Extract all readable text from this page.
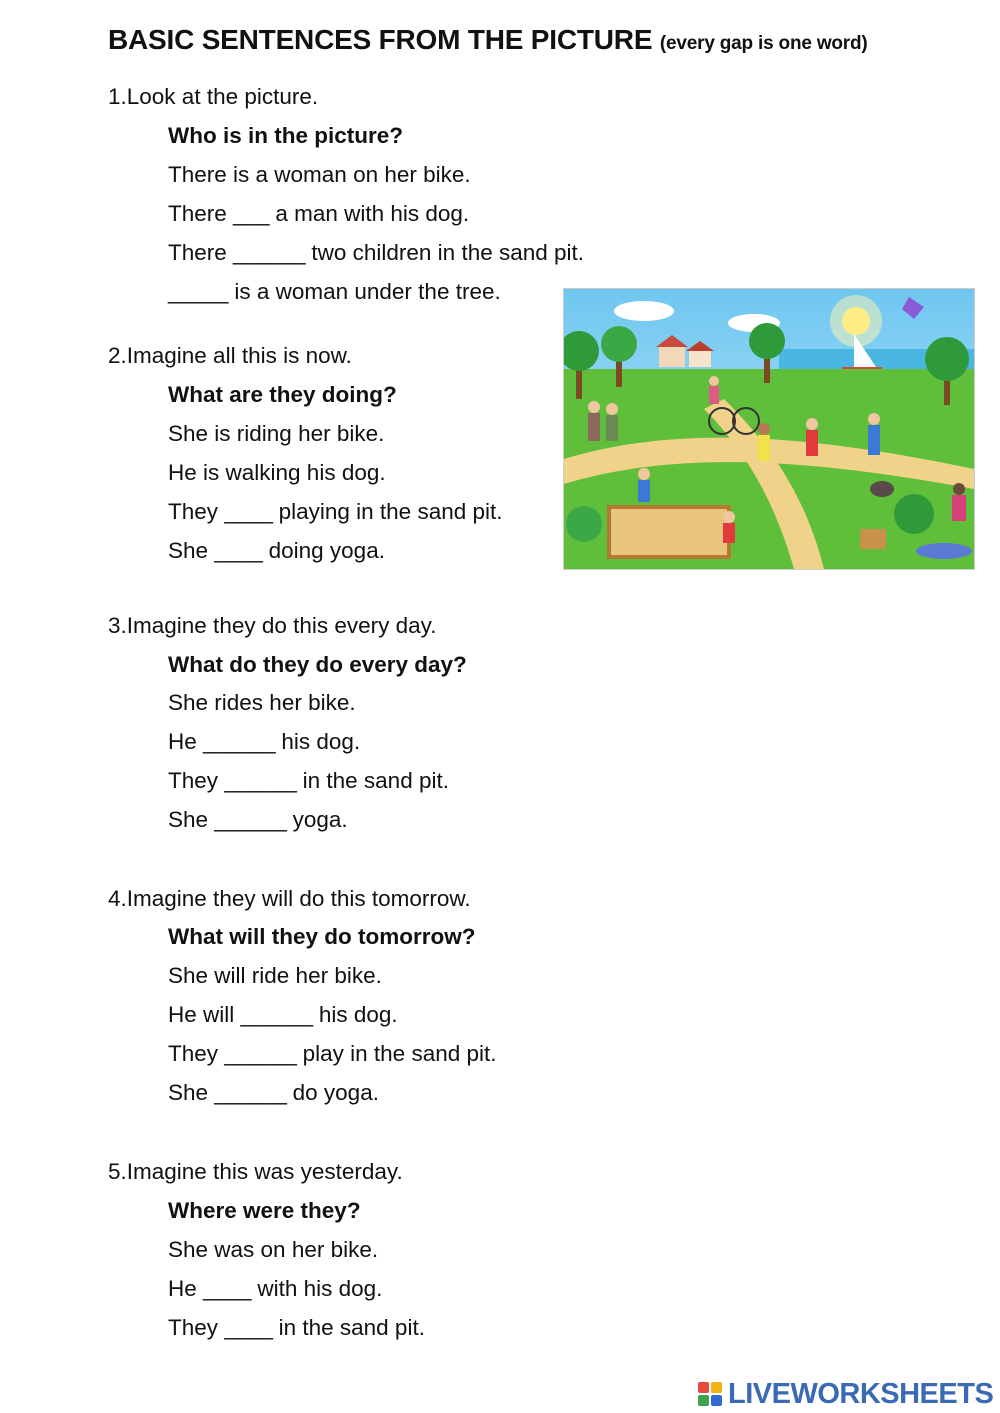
BASIC SENTENCES FROM THE PICTURE (every gap is one word)
1.Look at the picture.
Who is in the picture?
There is a woman on her bike.
There ___ a man with his dog.
There ______ two children in the sand pit.
_____ is a woman under the tree.
2.Imagine all this is now.
What are they doing?
She is riding her bike.
He is walking his dog.
They ____ playing in the sand pit.
She ____ doing yoga.
3.Imagine they do this every day.
What do they do every day?
She rides her bike.
He ______ his dog.
They ______ in the sand pit.
She ______ yoga.
4.Imagine they will do this tomorrow.
What will they do tomorrow?
She will ride her bike.
He will ______ his dog.
They ______ play in the sand pit.
She ______ do yoga.
5.Imagine this was yesterday.
Where were they?
She was on her bike.
He ____ with his dog.
They ____ in the sand pit.
LIVEWORKSHEETS
